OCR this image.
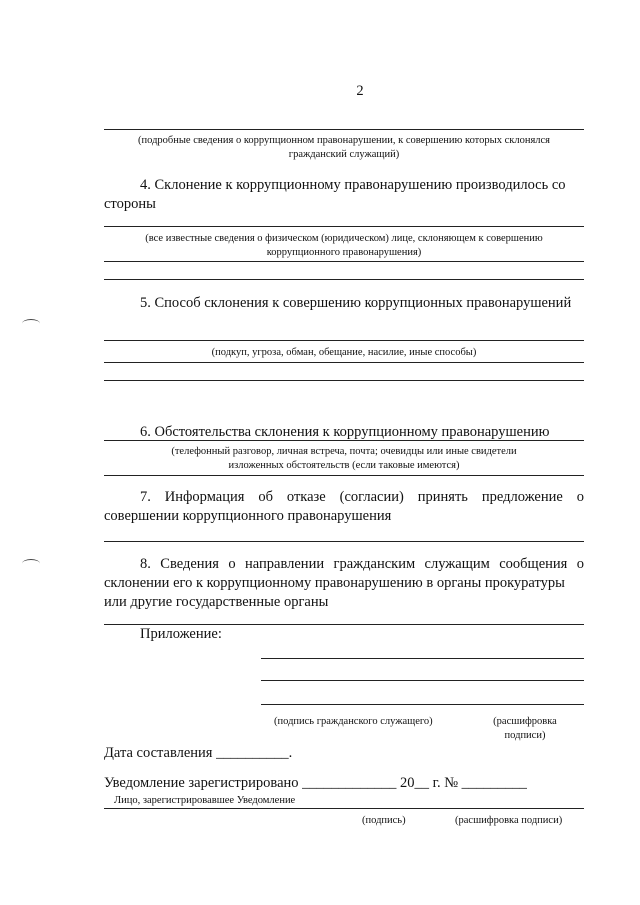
2
(подробные сведения о коррупционном правонарушении, к совершению которых склонялся
гражданский служащий)
4. Склонение к коррупционному правонарушению производилось со
стороны
(все известные сведения о физическом (юридическом) лице, склоняющем к совершению
коррупционного правонарушения)
5. Способ склонения к совершению коррупционных правонарушений
(подкуп, угроза, обман, обещание, насилие, иные способы)
6. Обстоятельства склонения к коррупционному правонарушению
(телефонный разговор, личная встреча, почта; очевидцы или иные свидетели
изложенных обстоятельств (если таковые имеются)
7. Информация об отказе (согласии) принять предложение о
совершении коррупционного правонарушения
8. Сведения о направлении гражданским служащим сообщения о
склонении его к коррупционному правонарушению в органы прокуратуры
или другие государственные органы
Приложение:
(подпись гражданского служащего)	(расшифровка
подписи)
Дата составления __________.
Уведомление зарегистрировано _____________ 20__ г. № _________
Лицо, зарегистрировавшее Уведомление
(подпись)	(расшифровка подписи)
